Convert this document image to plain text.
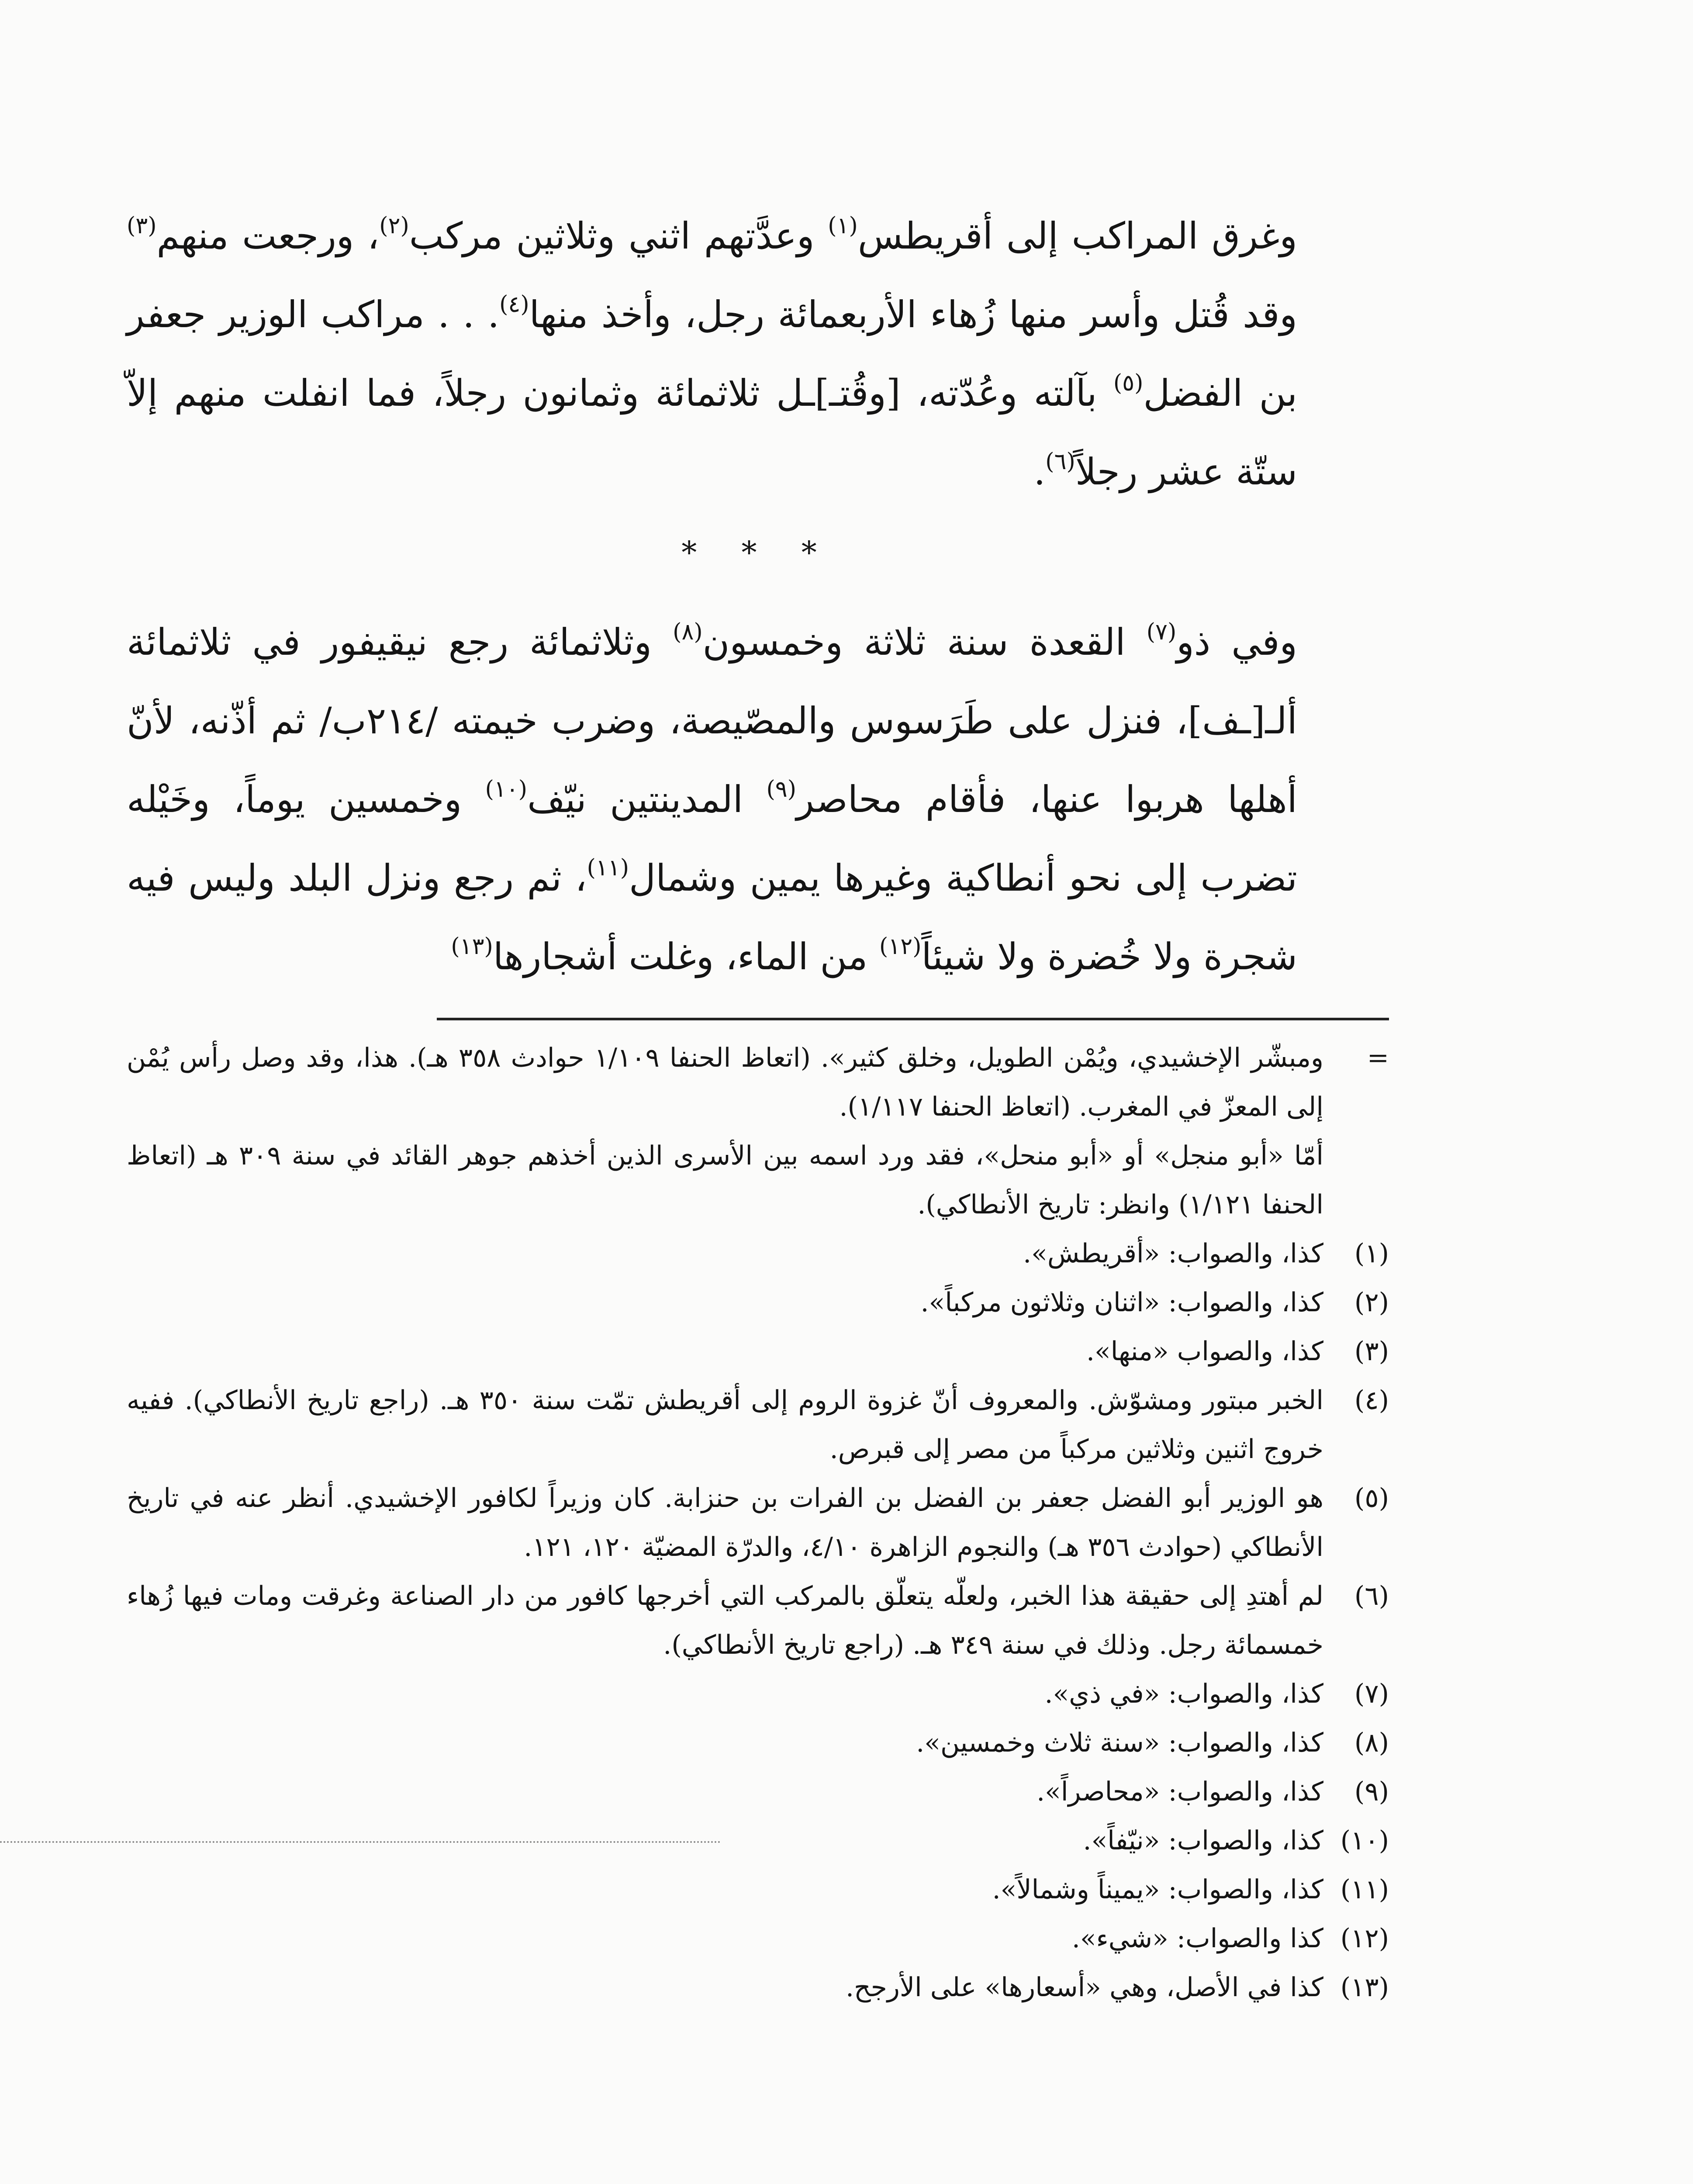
وغرق المراكب إلى أقريطس$^{(١)}$ وعدَّتهم اثني وثلاثين مركب$^{(٢)}$، ورجعت منهم$^{(٣)}$ وقد قُتل وأسر منها زُهاء الأربعمائة رجل، وأخذ منها$^{(٤)}$. . . مراكب الوزير جعفر بن الفضل$^{(٥)}$ بآلته وعُدّته، [وقُتـ]ـل ثلاثمائة وثمانون رجلاً، فما انفلت منهم إلاّ ستّة عشر رجلاً$^{(٦)}$.

* * *

وفي ذو$^{(٧)}$ القعدة سنة ثلاثة وخمسون$^{(٨)}$ وثلاثمائة رجع نيقيفور في ثلاثمائة ألـ[ـف]، فنزل على طَرَسوس والمصّيصة، وضرب خيمته /٢١٤ب/ ثم أذّنه، لأنّ أهلها هربوا عنها، فأقام محاصر$^{(٩)}$ المدينتين نيّف$^{(١٠)}$ وخمسين يوماً، وخَيْله تضرب إلى نحو أنطاكية وغيرها يمين وشمال$^{(١١)}$، ثم رجع ونزل البلد وليس فيه شجرة ولا خُضرة ولا شيئاً$^{(١٢)}$ من الماء، وغلت أشجارها$^{(١٣)}$

=
ومبشّر الإخشيدي، ويُمْن الطويل، وخلق كثير». (اتعاظ الحنفا ١/١٠٩ حوادث ٣٥٨ هـ). هذا، وقد وصل رأس يُمْن إلى المعزّ في المغرب. (اتعاظ الحنفا ١/١١٧).
أمّا «أبو منجل» أو «أبو منحل»، فقد ورد اسمه بين الأسرى الذين أخذهم جوهر القائد في سنة ٣٠٩ هـ (اتعاظ الحنفا ١/١٢١) وانظر: تاريخ الأنطاكي).
(١)
كذا، والصواب: «أقريطش».
(٢)
كذا، والصواب: «اثنان وثلاثون مركباً».
(٣)
كذا، والصواب «منها».
(٤)
الخبر مبتور ومشوّش. والمعروف أنّ غزوة الروم إلى أقريطش تمّت سنة ٣٥٠ هـ. (راجع تاريخ الأنطاكي). ففيه خروج اثنين وثلاثين مركباً من مصر إلى قبرص.
(٥)
هو الوزير أبو الفضل جعفر بن الفضل بن الفرات بن حنزابة. كان وزيراً لكافور الإخشيدي. أنظر عنه في تاريخ الأنطاكي (حوادث ٣٥٦ هـ) والنجوم الزاهرة ٤/١٠، والدرّة المضيّة ١٢٠، ١٢١.
(٦)
لم أهتدِ إلى حقيقة هذا الخبر، ولعلّه يتعلّق بالمركب التي أخرجها كافور من دار الصناعة وغرقت ومات فيها زُهاء خمسمائة رجل. وذلك في سنة ٣٤٩ هـ. (راجع تاريخ الأنطاكي).
(٧)
كذا، والصواب: «في ذي».
(٨)
كذا، والصواب: «سنة ثلاث وخمسين».
(٩)
كذا، والصواب: «محاصراً».
(١٠)
كذا، والصواب: «نيّفاً».
(١١)
كذا، والصواب: «يميناً وشمالاً».
(١٢)
كذا والصواب: «شيء».
(١٣)
كذا في الأصل، وهي «أسعارها» على الأرجح.
